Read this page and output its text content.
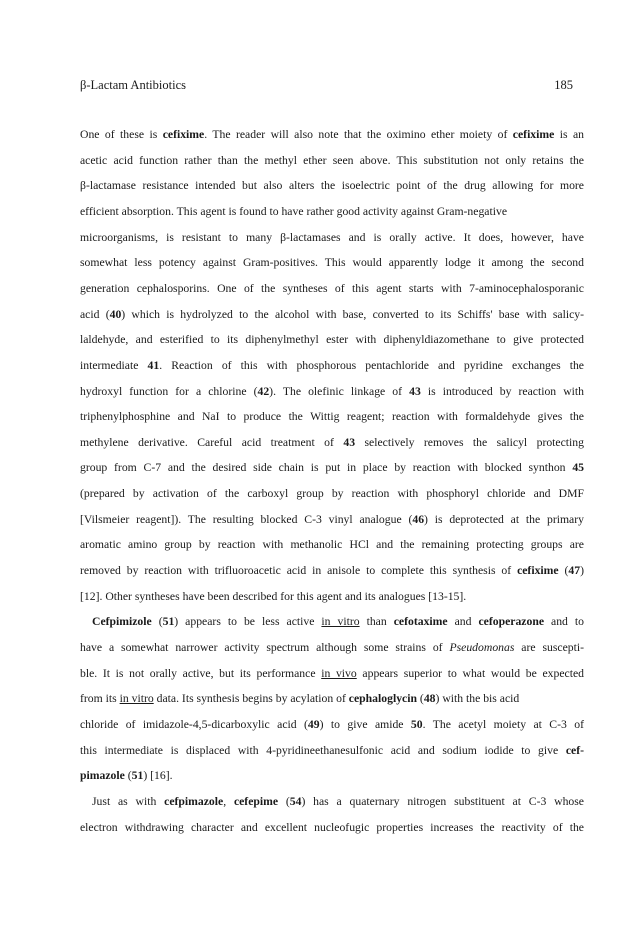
β-Lactam Antibiotics	185
One of these is cefixime. The reader will also note that the oximino ether moiety of cefixime is an
acetic acid function rather than the methyl ether seen above. This substitution not only retains the
β-lactamase resistance intended but also alters the isoelectric point of the drug allowing for more
efficient absorption. This agent is found to have rather good activity against Gram-negative
microorganisms, is resistant to many β-lactamases and is orally active. It does, however, have
somewhat less potency against Gram-positives. This would apparently lodge it among the second
generation cephalosporins. One of the syntheses of this agent starts with 7-aminocephalosporanic
acid (40) which is hydrolyzed to the alcohol with base, converted to its Schiffs' base with salicy-
laldehyde, and esterified to its diphenylmethyl ester with diphenyldiazomethane to give protected
intermediate 41. Reaction of this with phosphorous pentachloride and pyridine exchanges the
hydroxyl function for a chlorine (42). The olefinic linkage of 43 is introduced by reaction with
triphenylphosphine and NaI to produce the Wittig reagent; reaction with formaldehyde gives the
methylene derivative. Careful acid treatment of 43 selectively removes the salicyl protecting
group from C-7 and the desired side chain is put in place by reaction with blocked synthon 45
(prepared by activation of the carboxyl group by reaction with phosphoryl chloride and DMF
[Vilsmeier reagent]). The resulting blocked C-3 vinyl analogue (46) is deprotected at the primary
aromatic amino group by reaction with methanolic HCl and the remaining protecting groups are
removed by reaction with trifluoroacetic acid in anisole to complete this synthesis of cefixime (47)
[12]. Other syntheses have been described for this agent and its analogues [13-15].
Cefpimizole (51) appears to be less active in vitro than cefotaxime and cefoperazone and to
have a somewhat narrower activity spectrum although some strains of Pseudomonas are suscepti-
ble. It is not orally active, but its performance in vivo appears superior to what would be expected
from its in vitro data. Its synthesis begins by acylation of cephaloglycin (48) with the bis acid
chloride of imidazole-4,5-dicarboxylic acid (49) to give amide 50. The acetyl moiety at C-3 of
this intermediate is displaced with 4-pyridineethanesulfonic acid and sodium iodide to give cef-
pimazole (51) [16].
Just as with cefpimazole, cefepime (54) has a quaternary nitrogen substituent at C-3 whose
electron withdrawing character and excellent nucleofugic properties increases the reactivity of the
